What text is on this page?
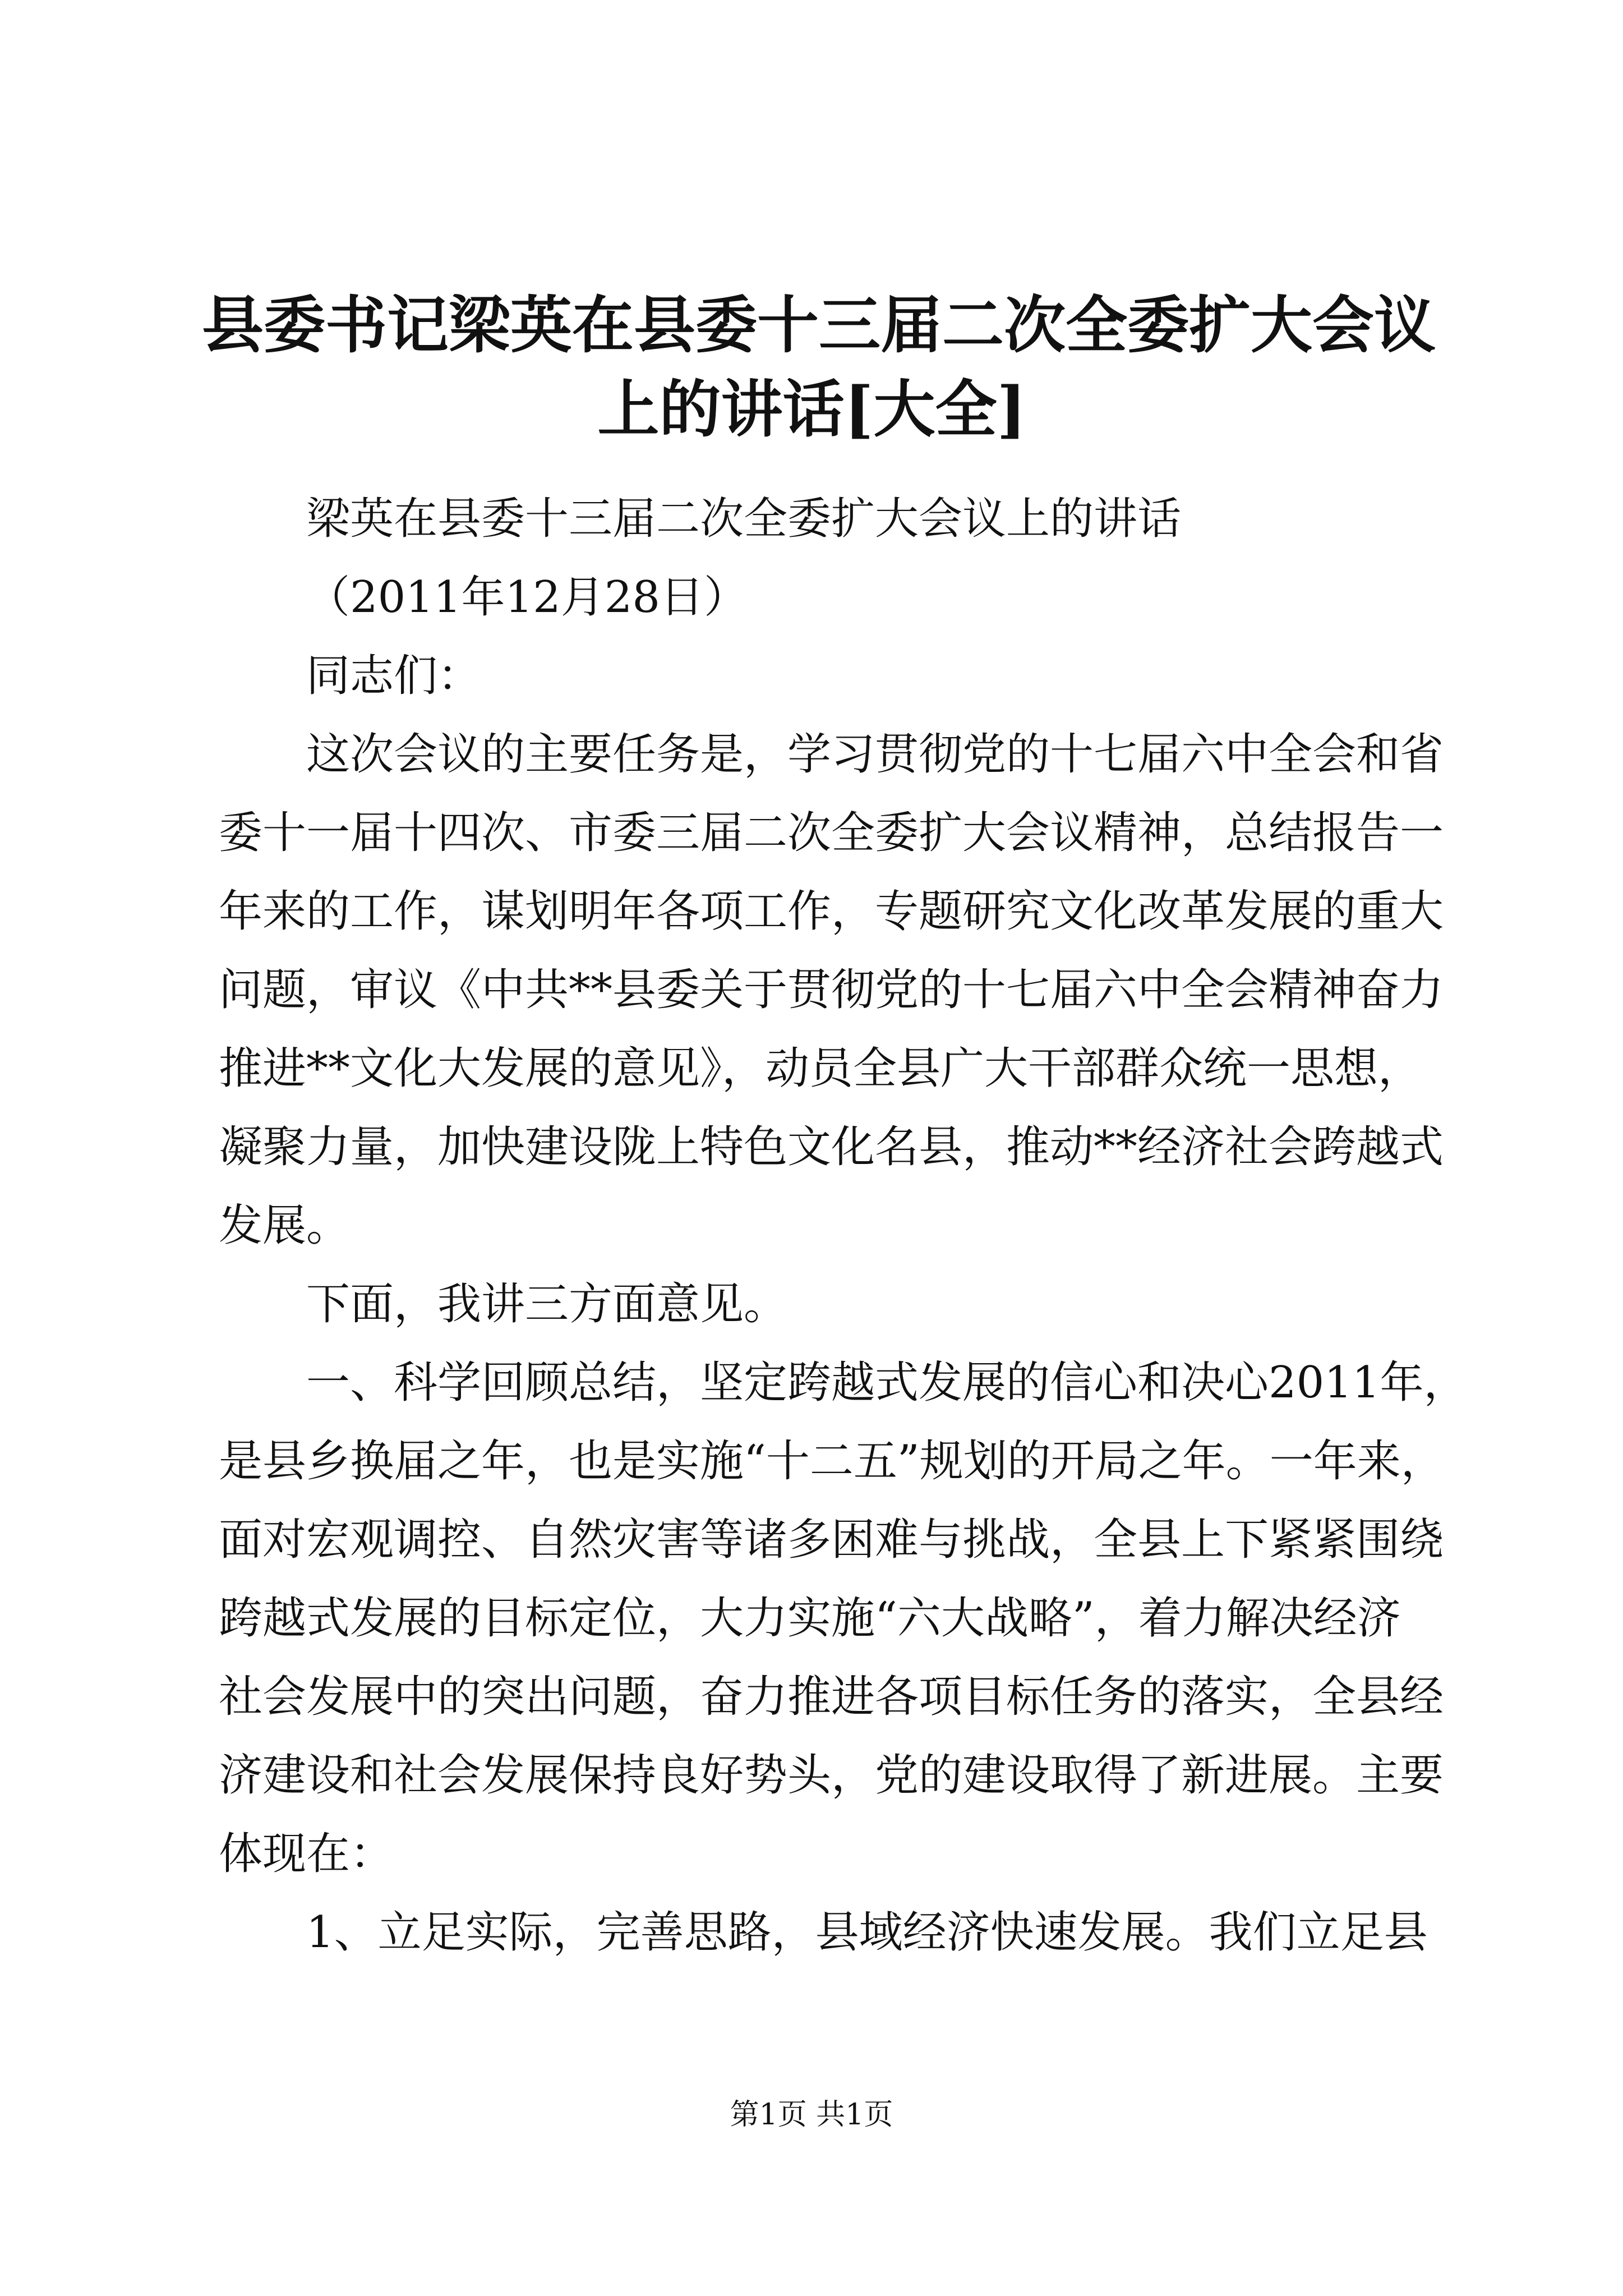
县委书记梁英在县委十三届二次全委扩大会议
上的讲话[大全]

梁英在县委十三届二次全委扩大会议上的讲话

（2011年12月28日）

同志们：

这次会议的主要任务是，学习贯彻党的十七届六中全会和省
委十一届十四次、市委三届二次全委扩大会议精神，总结报告一
年来的工作，谋划明年各项工作，专题研究文化改革发展的重大
问题，审议《中共**县委关于贯彻党的十七届六中全会精神奋力
推进**文化大发展的意见》，动员全县广大干部群众统一思想，
凝聚力量，加快建设陇上特色文化名县，推动**经济社会跨越式
发展。

下面，我讲三方面意见。

一、科学回顾总结，坚定跨越式发展的信心和决心2011年，
是县乡换届之年，也是实施“十二五”规划的开局之年。一年来，
面对宏观调控、自然灾害等诸多困难与挑战，全县上下紧紧围绕
跨越式发展的目标定位，大力实施“六大战略”，着力解决经济
社会发展中的突出问题，奋力推进各项目标任务的落实，全县经
济建设和社会发展保持良好势头，党的建设取得了新进展。主要
体现在：

1、立足实际，完善思路，县域经济快速发展。我们立足县

第1页 共1页
